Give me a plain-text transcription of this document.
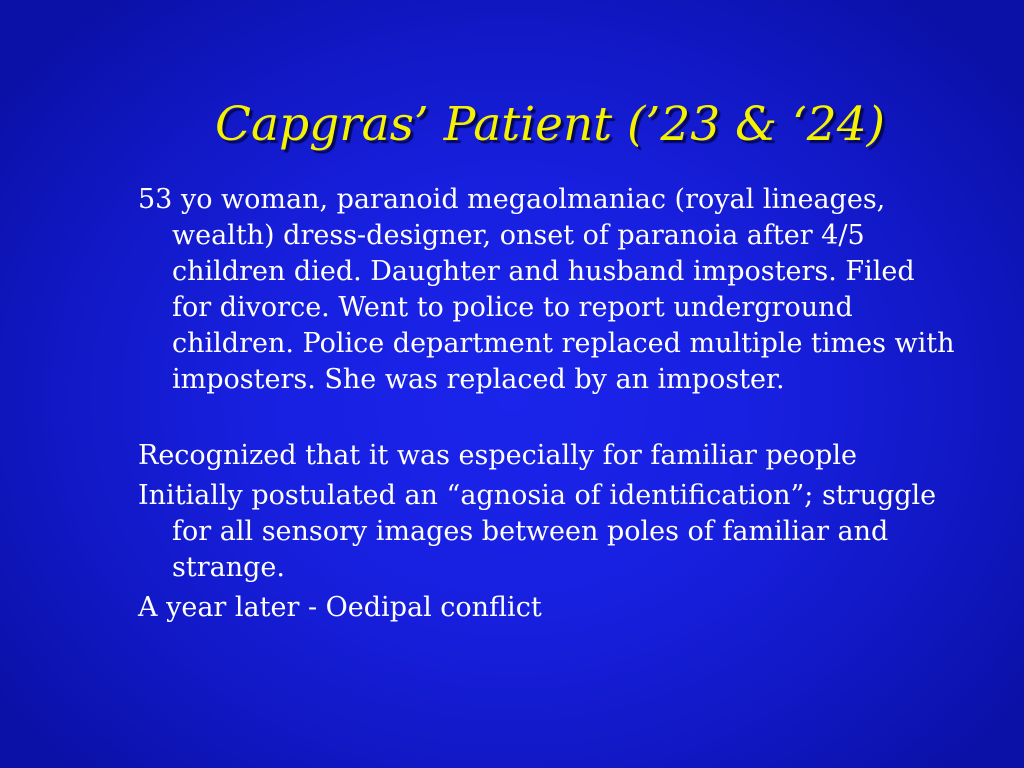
Capgras’ Patient (’23 & ‘24)

53 yo woman, paranoid megaolmaniac (royal lineages, wealth) dress-designer, onset of paranoia after 4/5 children died. Daughter and husband imposters. Filed for divorce. Went to police to report underground children. Police department replaced multiple times with imposters. She was replaced by an imposter.

Recognized that it was especially for familiar people

Initially postulated an “agnosia of identification”; struggle for all sensory images between poles of familiar and strange.

A year later - Oedipal conflict
